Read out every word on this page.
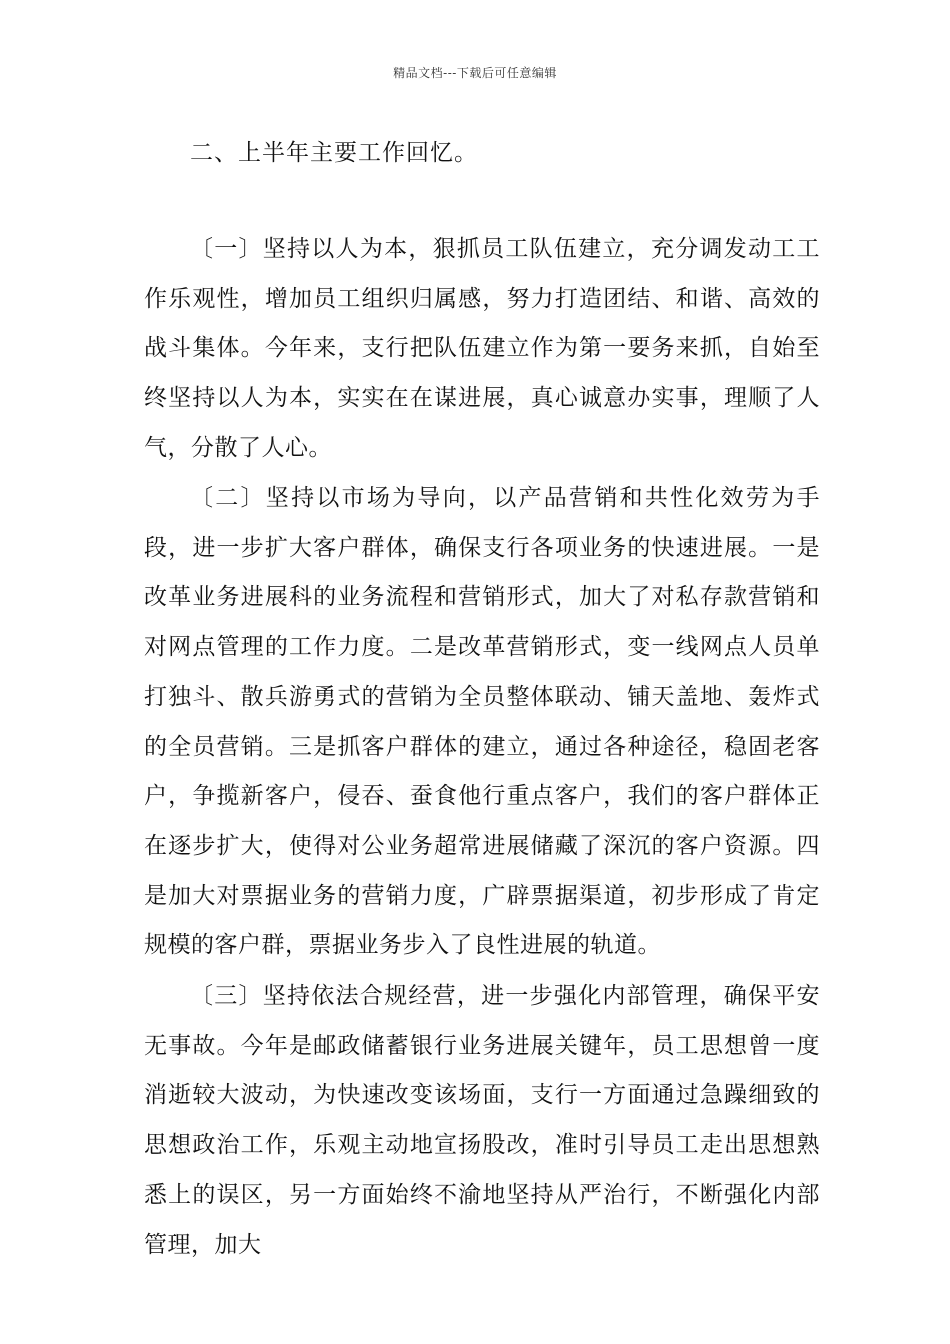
精品文档---下载后可任意编辑
二、上半年主要工作回忆。

〔一〕坚持以人为本，狠抓员工队伍建立，充分调发动工工作乐观性，增加员工组织归属感，努力打造团结、和谐、高效的战斗集体。今年来，支行把队伍建立作为第一要务来抓，自始至终坚持以人为本，实实在在谋进展，真心诚意办实事，理顺了人气，分散了人心。

〔二〕坚持以市场为导向，以产品营销和共性化效劳为手段，进一步扩大客户群体，确保支行各项业务的快速进展。一是改革业务进展科的业务流程和营销形式，加大了对私存款营销和对网点管理的工作力度。二是改革营销形式，变一线网点人员单打独斗、散兵游勇式的营销为全员整体联动、铺天盖地、轰炸式的全员营销。三是抓客户群体的建立，通过各种途径，稳固老客户，争揽新客户，侵吞、蚕食他行重点客户，我们的客户群体正在逐步扩大，使得对公业务超常进展储藏了深沉的客户资源。四是加大对票据业务的营销力度，广辟票据渠道，初步形成了肯定规模的客户群，票据业务步入了良性进展的轨道。

〔三〕坚持依法合规经营，进一步强化内部管理，确保平安无事故。今年是邮政储蓄银行业务进展关键年，员工思想曾一度消逝较大波动，为快速改变该场面，支行一方面通过急躁细致的思想政治工作，乐观主动地宣扬股改，准时引导员工走出思想熟悉上的误区，另一方面始终不渝地坚持从严治行，不断强化内部管理，加大
